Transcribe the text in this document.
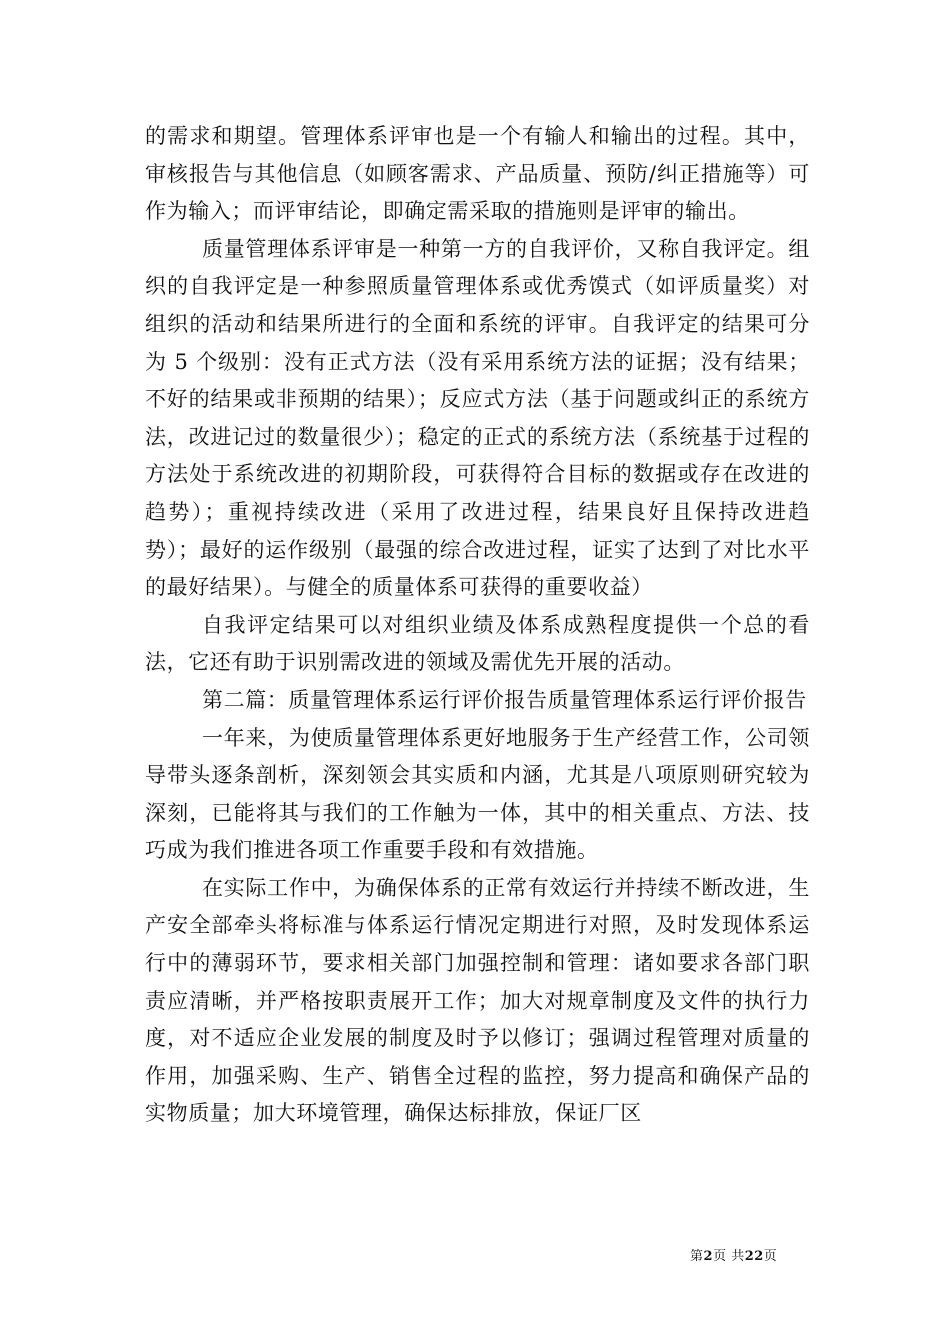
的需求和期望。管理体系评审也是一个有输人和输出的过程。其中，审核报告与其他信息（如顾客需求、产品质量、预防/纠正措施等）可作为输入；而评审结论，即确定需采取的措施则是评审的输出。

质量管理体系评审是一种第一方的自我评价，又称自我评定。组织的自我评定是一种参照质量管理体系或优秀馍式（如评质量奖）对组织的活动和结果所进行的全面和系统的评审。自我评定的结果可分为 5 个级别：没有正式方法（没有采用系统方法的证据；没有结果；不好的结果或非预期的结果）；反应式方法（基于问题或纠正的系统方法，改进记过的数量很少）；稳定的正式的系统方法（系统基于过程的方法处于系统改进的初期阶段，可获得符合目标的数据或存在改进的趋势）；重视持续改进（采用了改进过程，结果良好且保持改进趋势）；最好的运作级别（最强的综合改进过程，证实了达到了对比水平的最好结果）。与健全的质量体系可获得的重要收益）

自我评定结果可以对组织业绩及体系成熟程度提供一个总的看法，它还有助于识别需改进的领域及需优先开展的活动。

第二篇：质量管理体系运行评价报告质量管理体系运行评价报告

一年来，为使质量管理体系更好地服务于生产经营工作，公司领导带头逐条剖析，深刻领会其实质和内涵，尤其是八项原则研究较为深刻，已能将其与我们的工作触为一体，其中的相关重点、方法、技巧成为我们推进各项工作重要手段和有效措施。

在实际工作中，为确保体系的正常有效运行并持续不断改进，生产安全部牵头将标准与体系运行情况定期进行对照，及时发现体系运行中的薄弱环节，要求相关部门加强控制和管理：诸如要求各部门职责应清晰，并严格按职责展开工作；加大对规章制度及文件的执行力度，对不适应企业发展的制度及时予以修订；强调过程管理对质量的作用，加强采购、生产、销售全过程的监控，努力提高和确保产品的实物质量；加大环境管理，确保达标排放，保证厂区

第2页 共22页
